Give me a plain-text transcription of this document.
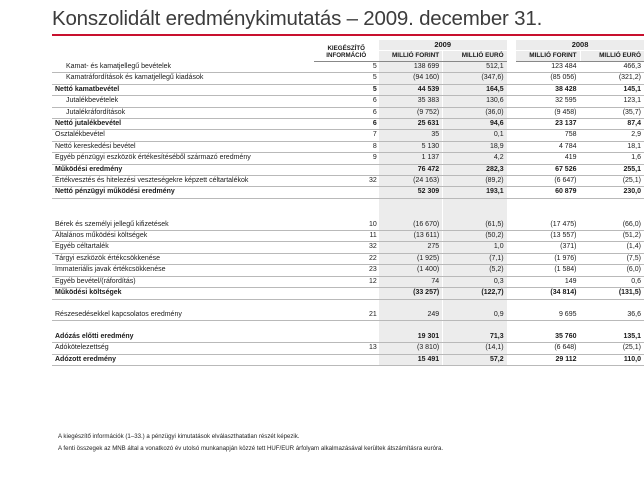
Konszolidált eredménykimutatás – 2009. december 31.
	KIEGÉSZÍTŐ INFORMÁCIÓ	2009			2008	
		MILLIÓ FORINT	MILLIÓ EURÓ		MILLIÓ FORINT	MILLIÓ EURÓ
Kamat- és kamatjellegű bevételek	5	138 699	512,1		123 484	466,3
Kamatráfordítások és kamatjellegű kiadások	5	(94 160)	(347,6)		(85 056)	(321,2)
Nettó kamatbevétel	5	44 539	164,5		38 428	145,1
Jutalékbevételek	6	35 383	130,6		32 595	123,1
Jutalékráfordítások	6	(9 752)	(36,0)		(9 458)	(35,7)
Nettó jutalékbevétel	6	25 631	94,6		23 137	87,4
Osztalékbevétel	7	35	0,1		758	2,9
Nettó kereskedési bevétel	8	5 130	18,9		4 784	18,1
Egyéb pénzügyi eszközök értékesítéséből származó eredmény	9	1 137	4,2		419	1,6
Működési eredmény		76 472	282,3		67 526	255,1
Értékvesztés és hitelezési veszteségekre képzett céltartalékok	32	(24 163)	(89,2)		(6 647)	(25,1)
Nettó pénzügyi működési eredmény		52 309	193,1		60 879	230,0

Bérek és személyi jellegű kifizetések	10	(16 670)	(61,5)		(17 475)	(66,0)
Általános működési költségek	11	(13 611)	(50,2)		(13 557)	(51,2)
Egyéb céltartalék	32	275	1,0		(371)	(1,4)
Tárgyi eszközök értékcsökkenése	22	(1 925)	(7,1)		(1 976)	(7,5)
Immateriális javak értékcsökkenése	23	(1 400)	(5,2)		(1 584)	(6,0)
Egyéb bevétel/(ráfordítás)	12	74	0,3		149	0,6
Működési költségek		(33 257)	(122,7)		(34 814)	(131,5)

Részesedésekkel kapcsolatos eredmény	21	249	0,9		9 695	36,6

Adózás előtti eredmény		19 301	71,3		35 760	135,1
Adókötelezettség	13	(3 810)	(14,1)		(6 648)	(25,1)
Adózott eredmény		15 491	57,2		29 112	110,0
A kiegészítő információk (1–33.) a pénzügyi kimutatások elválaszthatatlan részét képezik.
A fenti összegek az MNB által a vonatkozó év utolsó munkanapján közzé tett HUF/EUR árfolyam alkalmazásával kerültek átszámításra euróra.
